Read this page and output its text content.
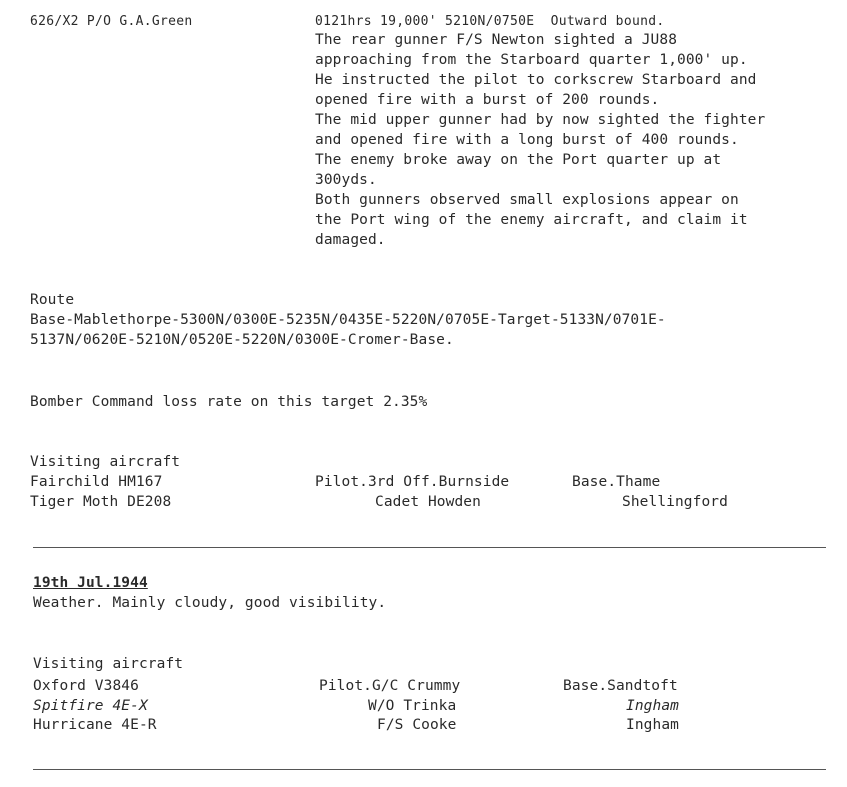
626/X2 P/O G.A.Green	0121hrs 19,000' 5210N/0750E  Outward bound.
The rear gunner F/S Newton sighted a JU88
approaching from the Starboard quarter 1,000' up.
He instructed the pilot to corkscrew Starboard and
opened fire with a burst of 200 rounds.
The mid upper gunner had by now sighted the fighter
and opened fire with a long burst of 400 rounds.
The enemy broke away on the Port quarter up at
300yds.
Both gunners observed small explosions appear on
the Port wing of the enemy aircraft, and claim it
damaged.
Route
Base-Mablethorpe-5300N/0300E-5235N/0435E-5220N/0705E-Target-5133N/0701E-
5137N/0620E-5210N/0520E-5220N/0300E-Cromer-Base.
Bomber Command loss rate on this target 2.35%
Visiting aircraft
Fairchild HM167	Pilot.3rd Off.Burnside	Base.Thame
Tiger Moth DE208	Cadet Howden	Shellingford
19th Jul.1944
Weather. Mainly cloudy, good visibility.
Visiting aircraft
Oxford V3846	Pilot.G/C Crummy	Base.Sandtoft
Spitfire 4E-X	W/O Trinka	Ingham
Hurricane 4E-R	F/S Cooke	Ingham
